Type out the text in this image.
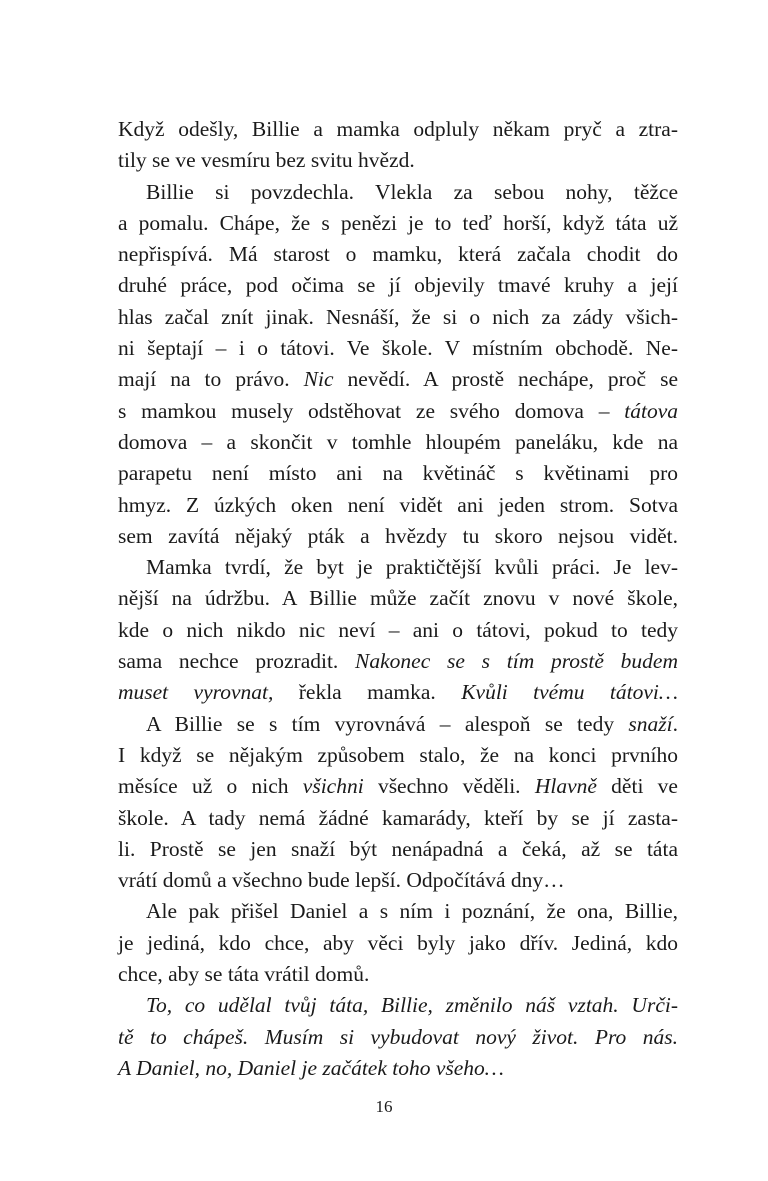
Když odešly, Billie a mamka odpluly někam pryč a ztra-
tily se ve vesmíru bez svitu hvězd.
Billie si povzdechla. Vlekla za sebou nohy, těžce
a pomalu. Chápe, že s penězi je to teď horší, když táta už
nepřispívá. Má starost o mamku, která začala chodit do
druhé práce, pod očima se jí objevily tmavé kruhy a její
hlas začal znít jinak. Nesnáší, že si o nich za zády všich-
ni šeptají – i o tátovi. Ve škole. V místním obchodě. Ne-
mají na to právo. Nic nevědí. A prostě nechápe, proč se
s mamkou musely odstěhovat ze svého domova – tátova
domova – a skončit v tomhle hloupém paneláku, kde na
parapetu není místo ani na květináč s květinami pro
hmyz. Z úzkých oken není vidět ani jeden strom. Sotva
sem zavítá nějaký pták a hvězdy tu skoro nejsou vidět.
Mamka tvrdí, že byt je praktičtější kvůli práci. Je lev-
nější na údržbu. A Billie může začít znovu v nové škole,
kde o nich nikdo nic neví – ani o tátovi, pokud to tedy
sama nechce prozradit. Nakonec se s tím prostě budem
muset vyrovnat, řekla mamka. Kvůli tvému tátovi…
A Billie se s tím vyrovnává – alespoň se tedy snaží.
I když se nějakým způsobem stalo, že na konci prvního
měsíce už o nich všichni všechno věděli. Hlavně děti ve
škole. A tady nemá žádné kamarády, kteří by se jí zasta-
li. Prostě se jen snaží být nenápadná a čeká, až se táta
vrátí domů a všechno bude lepší. Odpočítává dny…
Ale pak přišel Daniel a s ním i poznání, že ona, Billie,
je jediná, kdo chce, aby věci byly jako dřív. Jediná, kdo
chce, aby se táta vrátil domů.
To, co udělal tvůj táta, Billie, změnilo náš vztah. Urči-
tě to chápeš. Musím si vybudovat nový život. Pro nás.
A Daniel, no, Daniel je začátek toho všeho…
16
